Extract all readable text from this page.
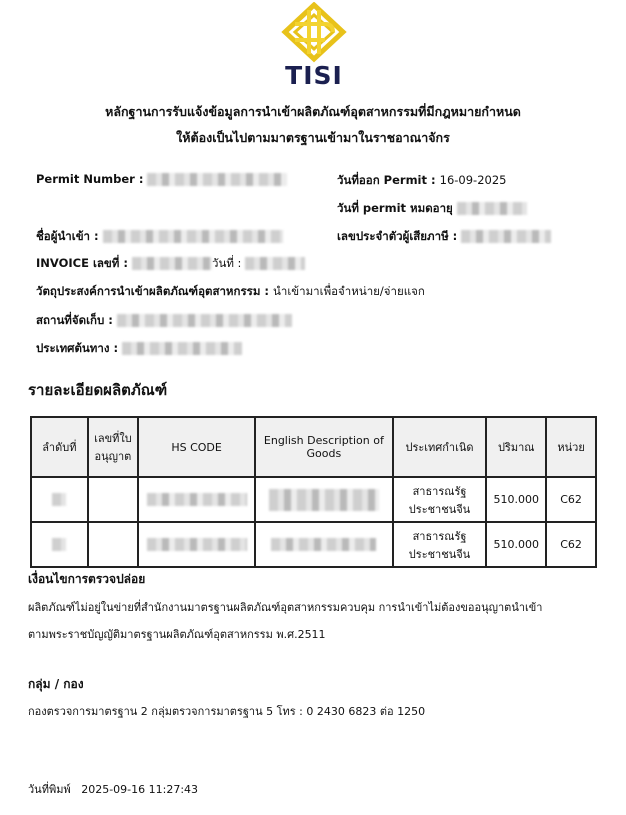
TISI
หลักฐานการรับแจ้งข้อมูลการนำเข้าผลิตภัณฑ์อุตสาหกรรมที่มีกฎหมายกำหนด
ให้ต้องเป็นไปตามมาตรฐานเข้ามาในราชอาณาจักร
Permit Number :	วันที่ออก Permit : 16-09-2025
วันที่ permit หมดอายุ
ชื่อผู้นำเข้า :	เลขประจำตัวผู้เสียภาษี :
INVOICE เลขที่ :	วันที่ :
วัตถุประสงค์การนำเข้าผลิตภัณฑ์อุตสาหกรรม : นำเข้ามาเพื่อจำหน่าย/จ่ายแจก
สถานที่จัดเก็บ :
ประเทศต้นทาง :
รายละเอียดผลิตภัณฑ์
ลำดับที่	เลขที่ใบอนุญาต	HS CODE	English Description of Goods	ประเทศกำเนิด	ปริมาณ	หน่วย
				สาธารณรัฐประชาชนจีน	510.000	C62
				สาธารณรัฐประชาชนจีน	510.000	C62
เงื่อนไขการตรวจปล่อย
ผลิตภัณฑ์ไม่อยู่ในข่ายที่สำนักงานมาตรฐานผลิตภัณฑ์อุตสาหกรรมควบคุม การนำเข้าไม่ต้องขออนุญาตนำเข้า
ตามพระราชบัญญัติมาตรฐานผลิตภัณฑ์อุตสาหกรรม พ.ศ.2511
กลุ่ม / กอง
กองตรวจการมาตรฐาน 2 กลุ่มตรวจการมาตรฐาน 5 โทร : 0 2430 6823 ต่อ 1250
วันที่พิมพ์ 2025-09-16 11:27:43
